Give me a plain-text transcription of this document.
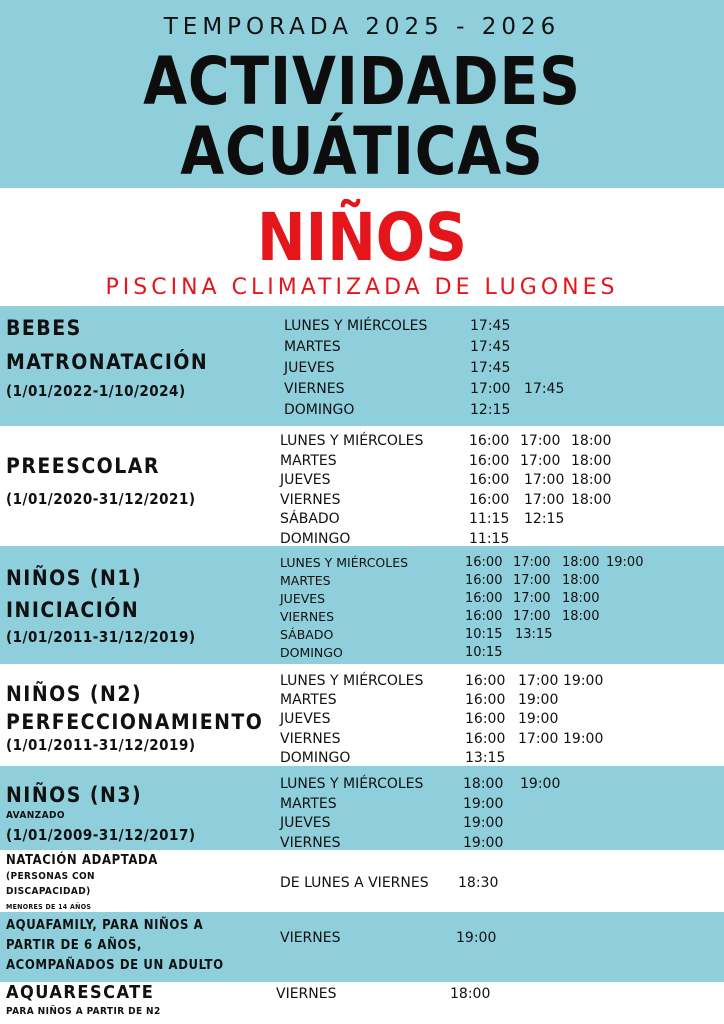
TEMPORADA 2025 - 2026
ACTIVIDADES
ACUÁTICAS
NIÑOS
PISCINA CLIMATIZADA DE LUGONES
BEBES
MATRONATACIÓN
(1/01/2022-1/10/2024)
LUNES Y MIÉRCOLES	17:45
MARTES	17:45
JUEVES	17:45
VIERNES	17:00 17:45
DOMINGO	12:15
PREESCOLAR
(1/01/2020-31/12/2021)
LUNES Y MIÉRCOLES	16:00 17:00 18:00
MARTES	16:00 17:00 18:00
JUEVES	16:00 17:00 18:00
VIERNES	16:00 17:00 18:00
SÁBADO	11:15 12:15
DOMINGO	11:15
NIÑOS (N1)
INICIACIÓN
(1/01/2011-31/12/2019)
LUNES Y MIÉRCOLES	16:00 17:00 18:00 19:00
MARTES	16:00 17:00 18:00
JUEVES	16:00 17:00 18:00
VIERNES	16:00 17:00 18:00
SÁBADO	10:15 13:15
DOMINGO	10:15
NIÑOS (N2)
PERFECCIONAMIENTO
(1/01/2011-31/12/2019)
LUNES Y MIÉRCOLES	16:00 17:00 19:00
MARTES	16:00 19:00
JUEVES	16:00 19:00
VIERNES	16:00 17:00 19:00
DOMINGO	13:15
NIÑOS (N3)
AVANZADO
(1/01/2009-31/12/2017)
LUNES Y MIÉRCOLES	18:00 19:00
MARTES	19:00
JUEVES	19:00
VIERNES	19:00
NATACIÓN ADAPTADA
(PERSONAS CON
DISCAPACIDAD)
MENORES DE 14 AÑOS
DE LUNES A VIERNES 18:30
AQUAFAMILY, PARA NIÑOS A
PARTIR DE 6 AÑOS,
ACOMPAÑADOS DE UN ADULTO
VIERNES	19:00
AQUARESCATE
PARA NIÑOS A PARTIR DE N2
VIERNES	18:00
